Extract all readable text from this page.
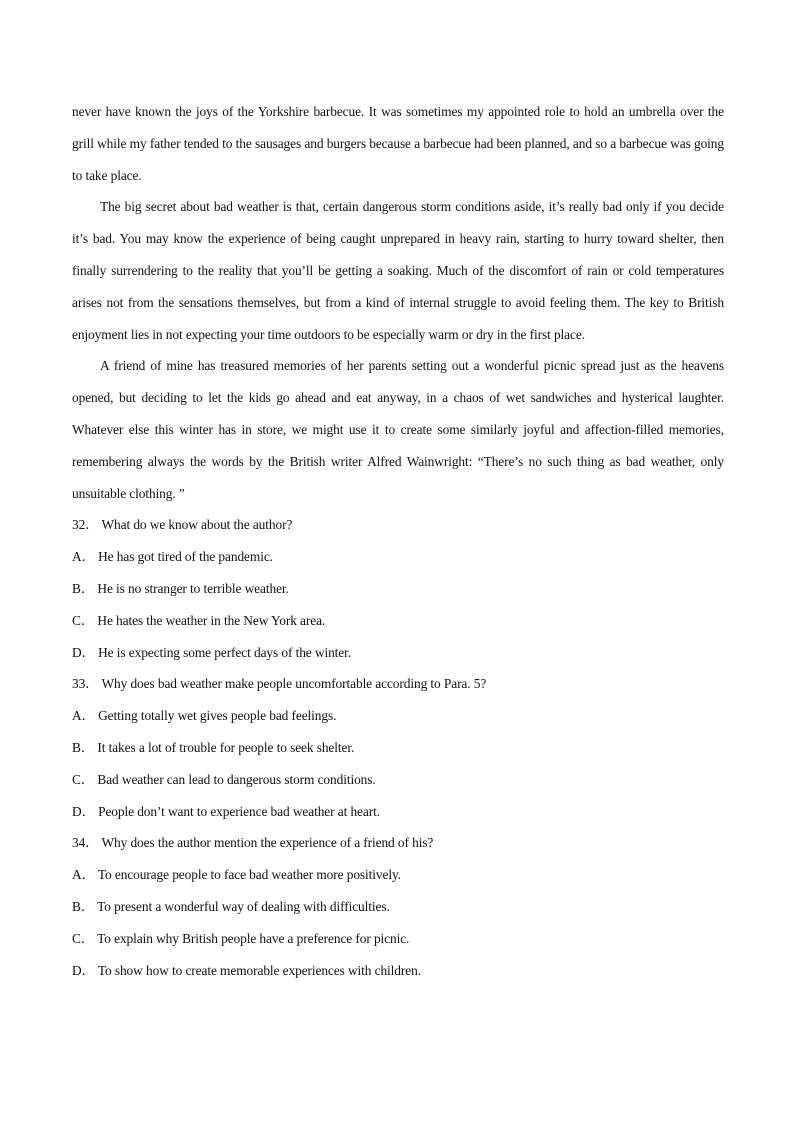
never have known the joys of the Yorkshire barbecue. It was sometimes my appointed role to hold an umbrella over the grill while my father tended to the sausages and burgers because a barbecue had been planned, and so a barbecue was going to take place.

The big secret about bad weather is that, certain dangerous storm conditions aside, it’s really bad only if you decide it’s bad. You may know the experience of being caught unprepared in heavy rain, starting to hurry toward shelter, then finally surrendering to the reality that you’ll be getting a soaking. Much of the discomfort of rain or cold temperatures arises not from the sensations themselves, but from a kind of internal struggle to avoid feeling them. The key to British enjoyment lies in not expecting your time outdoors to be especially warm or dry in the first place.

A friend of mine has treasured memories of her parents setting out a wonderful picnic spread just as the heavens opened, but deciding to let the kids go ahead and eat anyway, in a chaos of wet sandwiches and hysterical laughter. Whatever else this winter has in store, we might use it to create some similarly joyful and affection-filled memories, remembering always the words by the British writer Alfred Wainwright: “There’s no such thing as bad weather, only unsuitable clothing. ”

32． What do we know about the author?

A． He has got tired of the pandemic.

B． He is no stranger to terrible weather.

C． He hates the weather in the New York area.

D． He is expecting some perfect days of the winter.

33． Why does bad weather make people uncomfortable according to Para. 5?

A． Getting totally wet gives people bad feelings.

B． It takes a lot of trouble for people to seek shelter.

C． Bad weather can lead to dangerous storm conditions.

D． People don’t want to experience bad weather at heart.

34． Why does the author mention the experience of a friend of his?

A． To encourage people to face bad weather more positively.

B． To present a wonderful way of dealing with difficulties.

C． To explain why British people have a preference for picnic.

D． To show how to create memorable experiences with children.
